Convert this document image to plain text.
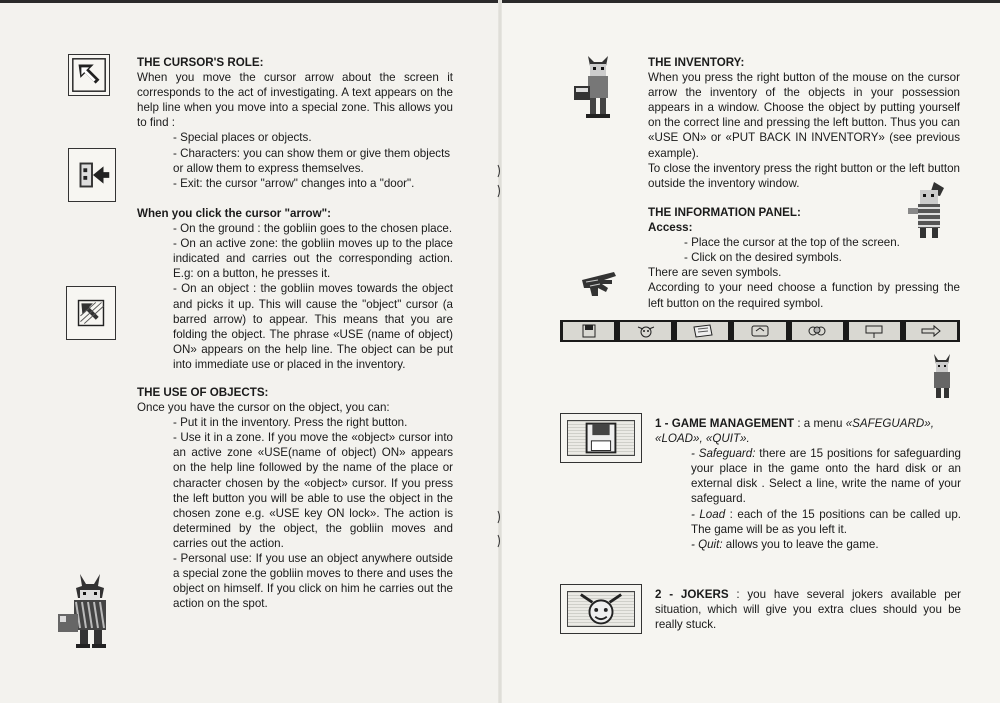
THE CURSOR'S ROLE:
When you move the cursor arrow about the screen it corresponds to the act of investigating. A text appears on the help line when you move into a special zone. This allows you to find :
- Special places or objects.
- Characters: you can show them or give them objects or allow them to express themselves.
- Exit: the cursor "arrow" changes into a "door".
When you click the cursor "arrow":
- On the ground : the gobliin goes to the chosen place.
- On an active zone: the gobliin moves up to the place indicated and carries out the corresponding action. E.g: on a button, he presses it.
- On an object : the gobliin moves towards the object and picks it up. This will cause the "object" cursor (a barred arrow) to appear. This means that you are folding the object. The phrase «USE (name of object) ON» appears on the help line. The object can be put into immediate use or placed in the inventory.
THE USE OF OBJECTS:
Once you have the cursor on the object, you can:
- Put it in the inventory. Press the right button.
- Use it in a zone. If you move the «object» cursor into an active zone «USE(name of object) ON» appears on the help line followed by the name of the place or character chosen by the «object» cursor. If you press the left button you will be able to use the object in the chosen zone e.g. «USE key ON lock». The action is determined by the object, the gobliin moves and carries out the action.
- Personal use: If you use an object anywhere outside a special zone the gobliin moves to there and uses the object on himself. If you click on him he carries out the action on the spot.
THE INVENTORY:
When you press the right button of the mouse on the cursor arrow the inventory of the objects in your possession appears in a window. Choose the object by putting yourself on the correct line and pressing the left button. Thus you can «USE ON» or «PUT BACK IN INVENTORY» (see previous example).
To close the inventory press the right button or the left button outside the inventory window.
THE INFORMATION PANEL:
Access:
- Place the cursor at the top of the screen.
- Click on the desired symbols.
There are seven symbols.
According to your need choose a function by pressing the left button on the required symbol.
1 - GAME MANAGEMENT : a menu «SAFEGUARD», «LOAD», «QUIT».
- Safeguard: there are 15 positions for safeguarding your place in the game onto the hard disk or an external disk . Select a line, write the name of your safeguard.
- Load : each of the 15 positions can be called up. The game will be as you left it.
- Quit: allows you to leave the game.
2 - JOKERS : you have several jokers available per situation, which will give you extra clues should you be really stuck.
